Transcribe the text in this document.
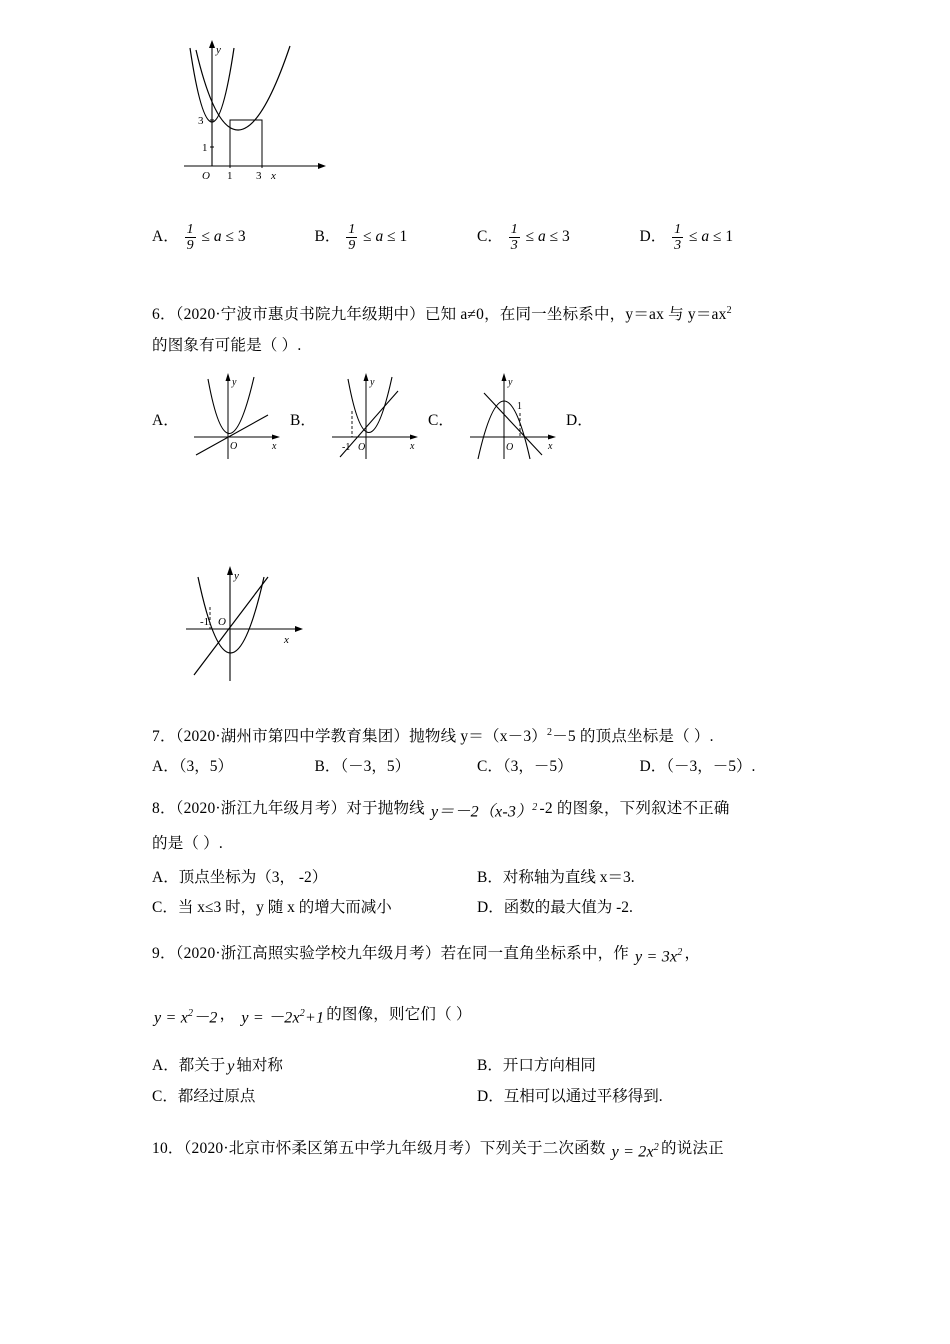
y
3
1
O 1 3 x
A． $\frac{1}{9} \le a \le 3$	B． $\frac{1}{9} \le a \le 1$	C． $\frac{1}{3} \le a \le 3$	D． $\frac{1}{3} \le a \le 1$
6．（2020·宁波市惠贞书院九年级期中）已知 a≠0，在同一坐标系中，y＝ax 与 $y=ax^2$
的图象有可能是（ ）.
A．
y
O	x
B．
y
-1 O	x
C．
y
1
O	x
D．
y
-1 O
x
7．（2020·湖州市第四中学教育集团）抛物线 $y=(x-3)^2-5$ 的顶点坐标是（ ）.
A．（3，5）	B．（－3，5）	C．（3，－5）	D．（－3，－5）.
8．（2020·浙江九年级月考）对于抛物线 $y=-2(x-3)^2$ -2 的图象，下列叙述不正确
的是（ ）.
A．顶点坐标为（3， -2）	B．对称轴为直线 x＝3.
C．当 x≤3 时，y 随 x 的增大而减小	D．函数的最大值为 -2.
9．（2020·浙江高照实验学校九年级月考）若在同一直角坐标系中，作 $y = 3x^2$ ，
$y = x^2-2$ ， $y = -2x^2+1$ 的图像，则它们（ ）
A．都关于 y 轴对称	B．开口方向相同
C．都经过原点	D．互相可以通过平移得到.
10．（2020·北京市怀柔区第五中学九年级月考）下列关于二次函数 $y = 2x^2$ 的说法正
